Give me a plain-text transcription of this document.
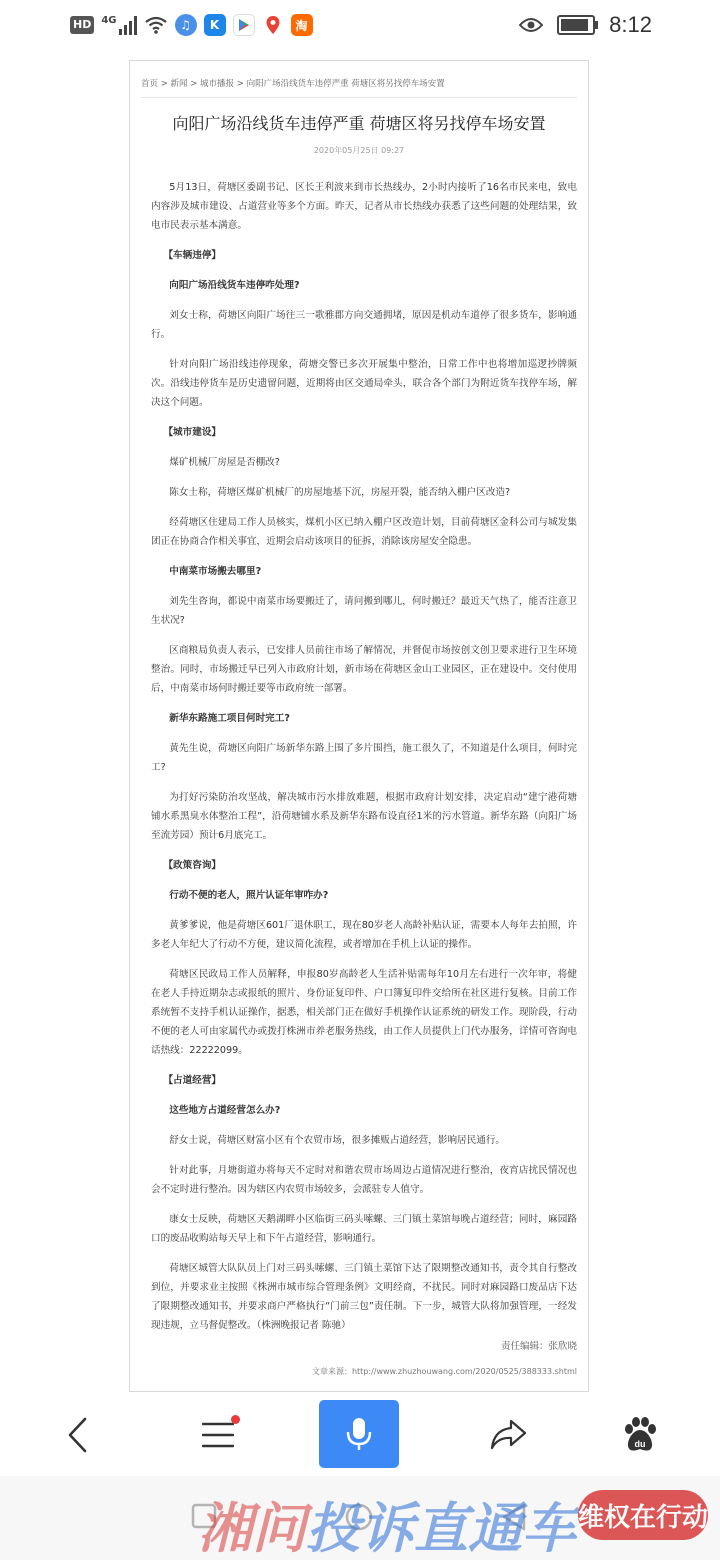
HD	4G	♫	K	淘	8:12
首页 > 新闻 > 城市播报 > 向阳广场沿线货车违停严重 荷塘区将另找停车场安置
向阳广场沿线货车违停严重 荷塘区将另找停车场安置
2020年05月25日 09:27

5月13日，荷塘区委副书记、区长王利波来到市长热线办，2小时内接听了16名市民来电，致电内容涉及城市建设、占道营业等多个方面。昨天，记者从市长热线办获悉了这些问题的处理结果，致电市民表示基本满意。

【车辆违停】

向阳广场沿线货车违停咋处理?

刘女士称，荷塘区向阳广场往三一歌雅郡方向交通拥堵，原因是机动车道停了很多货车，影响通行。

针对向阳广场沿线违停现象，荷塘交警已多次开展集中整治，日常工作中也将增加巡逻抄牌频次。沿线违停货车是历史遗留问题，近期将由区交通局牵头，联合各个部门为附近货车找停车场，解决这个问题。

【城市建设】

煤矿机械厂房屋是否棚改?

陈女士称，荷塘区煤矿机械厂的房屋地基下沉，房屋开裂，能否纳入棚户区改造?

经荷塘区住建局工作人员核实，煤机小区已纳入棚户区改造计划，目前荷塘区金科公司与城发集团正在协商合作相关事宜，近期会启动该项目的征拆，消除该房屋安全隐患。

中南菜市场搬去哪里?

刘先生咨询，都说中南菜市场要搬迁了，请问搬到哪儿，何时搬迁？最近天气热了，能否注意卫生状况?

区商粮局负责人表示，已安排人员前往市场了解情况，并督促市场按创文创卫要求进行卫生环境整治。同时，市场搬迁早已列入市政府计划，新市场在荷塘区金山工业园区，正在建设中。交付使用后，中南菜市场何时搬迁要等市政府统一部署。

新华东路施工项目何时完工?

黄先生说，荷塘区向阳广场新华东路上围了多片围挡，施工很久了，不知道是什么项目，何时完工?

为打好污染防治攻坚战，解决城市污水排放难题，根据市政府计划安排，决定启动“建宁港荷塘铺水系黑臭水体整治工程”，沿荷塘铺水系及新华东路布设直径1米的污水管道。新华东路（向阳广场至流芳园）预计6月底完工。

【政策咨询】

行动不便的老人，照片认证年审咋办?

黄爹爹说，他是荷塘区601厂退休职工，现在80岁老人高龄补贴认证，需要本人每年去拍照，许多老人年纪大了行动不方便，建议简化流程，或者增加在手机上认证的操作。

荷塘区民政局工作人员解释，申报80岁高龄老人生活补贴需每年10月左右进行一次年审，将健在老人手持近期杂志或报纸的照片、身份证复印件、户口簿复印件交给所在社区进行复核。目前工作系统暂不支持手机认证操作，据悉，相关部门正在做好手机操作认证系统的研发工作。现阶段，行动不便的老人可由家属代办或拨打株洲市养老服务热线，由工作人员提供上门代办服务，详情可咨询电话热线：22222099。

【占道经营】

这些地方占道经营怎么办?

舒女士说，荷塘区财富小区有个农贸市场，很多摊贩占道经营，影响居民通行。

针对此事，月塘街道办将每天不定时对和谐农贸市场周边占道情况进行整治，夜宵店扰民情况也会不定时进行整治。因为辖区内农贸市场较多，会派驻专人值守。

康女士反映，荷塘区天鹅湖畔小区临街三码头嗦螺、三门镇土菜馆每晚占道经营；同时，麻园路口的废品收购站每天早上和下午占道经营，影响通行。

荷塘区城管大队队员上门对三码头嗦螺、三门镇土菜馆下达了限期整改通知书，责令其自行整改到位，并要求业主按照《株洲市城市综合管理条例》文明经商，不扰民。同时对麻园路口废品店下达了限期整改通知书，并要求商户严格执行“门前三包”责任制。下一步，城管大队将加强管理，一经发现违规，立马督促整改。（株洲晚报记者 陈驰）

责任编辑：张欣晓
文章来源：http://www.zhuzhouwang.com/2020/0525/388333.shtml
du
湘问投诉直通车 维权在行动
